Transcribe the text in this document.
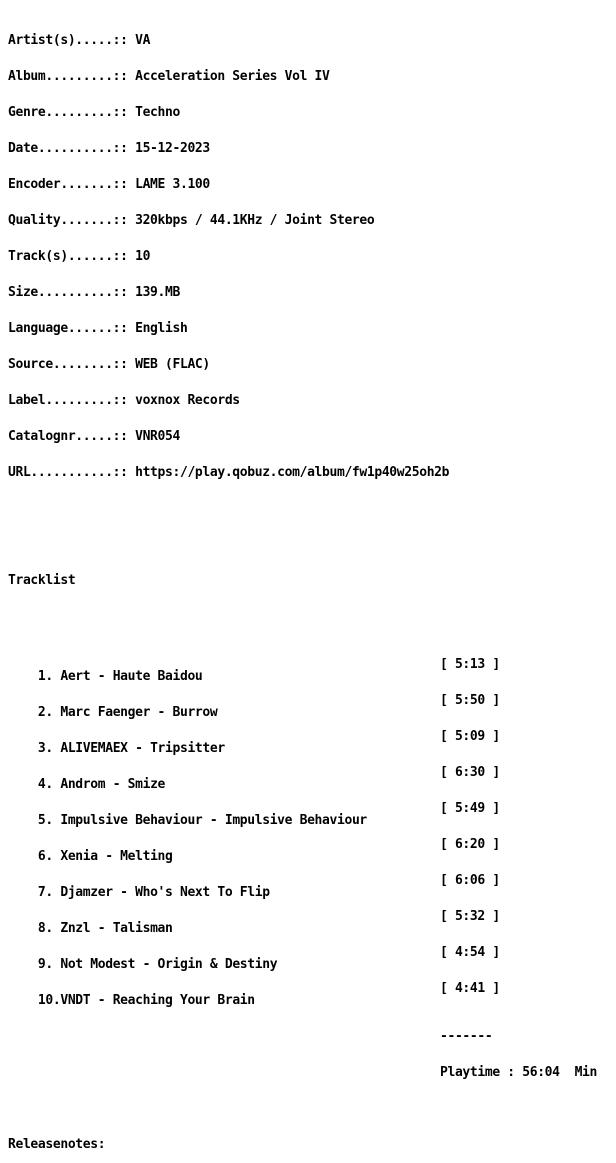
Artist(s).....:: VA

Album.........:: Acceleration Series Vol IV

Genre.........:: Techno

Date..........:: 15-12-2023

Encoder.......:: LAME 3.100

Quality.......:: 320kbps / 44.1KHz / Joint Stereo

Track(s)......:: 10

Size..........:: 139.MB

Language......:: English

Source........:: WEB (FLAC)

Label.........:: voxnox Records

Catalognr.....:: VNR054

URL...........:: https://play.qobuz.com/album/fw1p40w25oh2b

Tracklist

1. Aert - Haute Baidou

[ 5:13 ]

2. Marc Faenger - Burrow

[ 5:50 ]

3. ALIVEMAEX - Tripsitter

[ 5:09 ]

4. Androm - Smize

[ 6:30 ]

5. Impulsive Behaviour - Impulsive Behaviour

[ 5:49 ]

6. Xenia - Melting

[ 6:20 ]

7. Djamzer - Who's Next To Flip

[ 6:06 ]

8. Znzl - Talisman

[ 5:32 ]

9. Not Modest - Origin & Destiny

[ 4:54 ]

10.VNDT - Reaching Your Brain

[ 4:41 ]

-------

Playtime : 56:04  Min

Releasenotes:
